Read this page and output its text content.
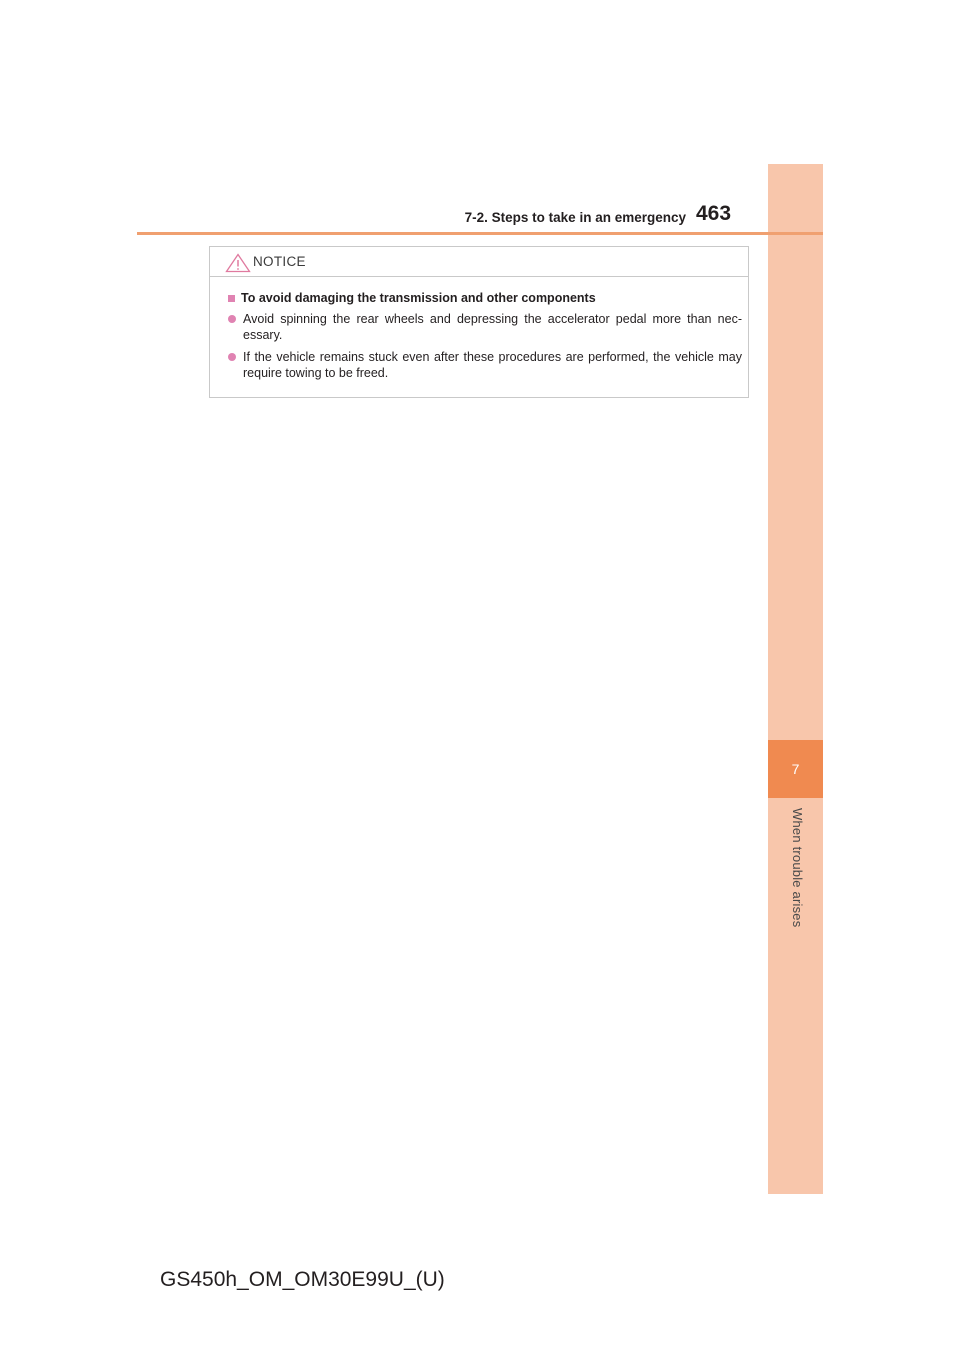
7
When trouble arises
7-2. Steps to take in an emergency 463
NOTICE
To avoid damaging the transmission and other components
Avoid spinning the rear wheels and depressing the accelerator pedal more than nec-essary.
If the vehicle remains stuck even after these procedures are performed, the vehicle may require towing to be freed.
GS450h_OM_OM30E99U_(U)
